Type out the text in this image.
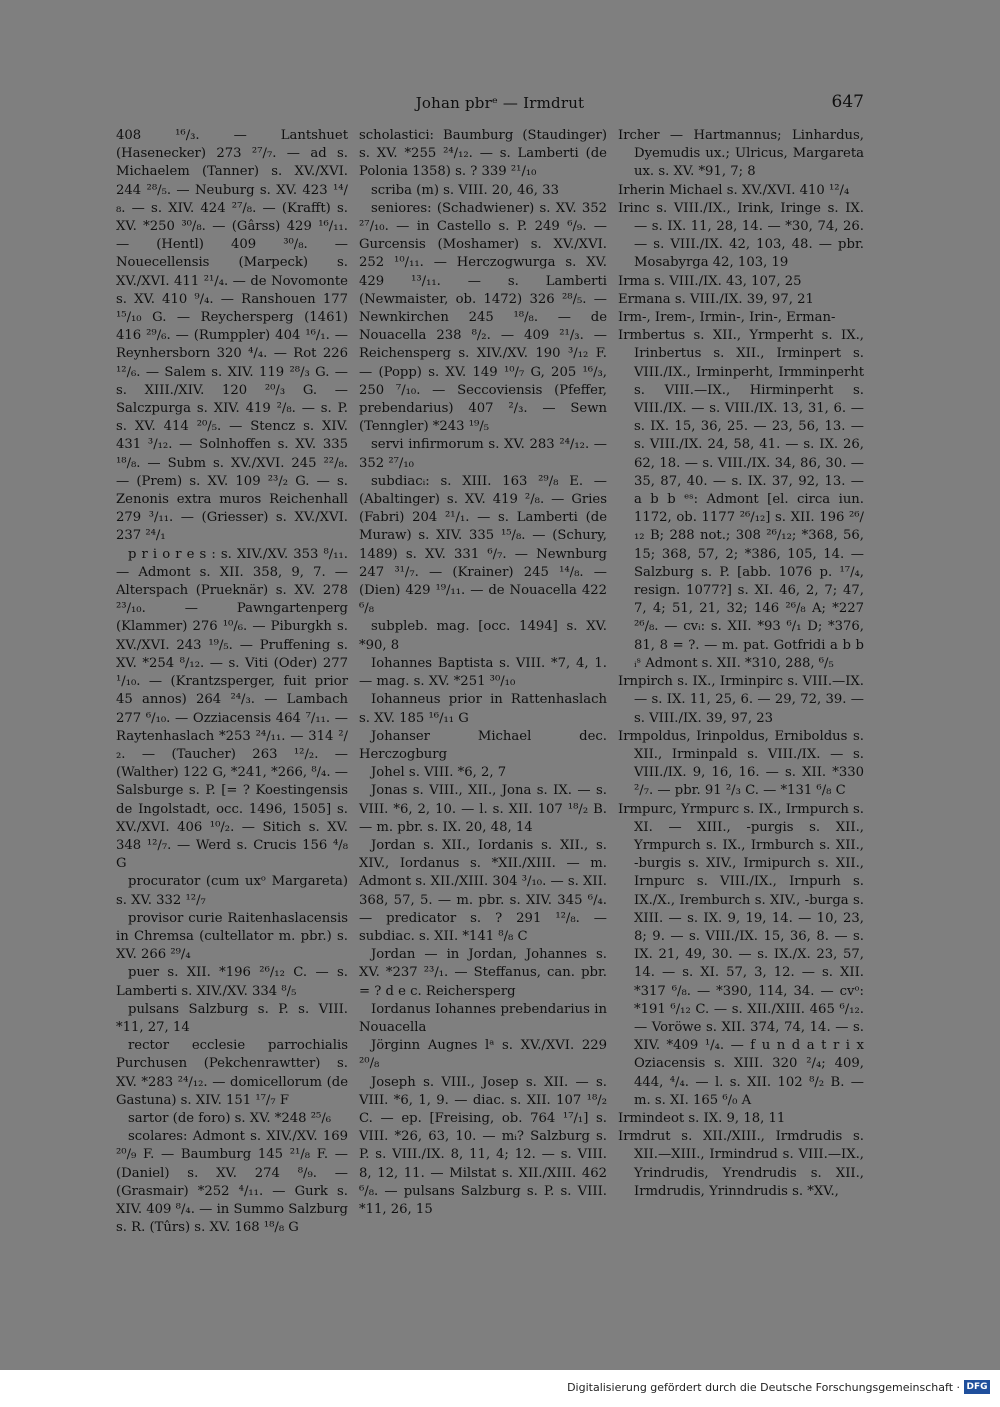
Johan pbrᵉ — Irmdrut	647

408 ¹⁶/₃. — Lantshuet (Hasenecker) 273 ²⁷/₇. — ad s. Michaelem (Tanner) s. XV./XVI. 244 ²⁸/₅. — Neuburg s. XV. 423 ¹⁴/₈. — s. XIV. 424 ²⁷/₈. — (Krafft) s. XV. *250 ³⁰/₈. — (Gârss) 429 ¹⁶/₁₁. — (Hentl) 409 ³⁰/₈. — Nouecellensis (Marpeck) s. XV./XVI. 411 ²¹/₄. — de Novomonte s. XV. 410 ⁹/₄. — Ranshouen 177 ¹⁵/₁₀ G. — Reychersperg (1461) 416 ²⁹/₆. — (Rumppler) 404 ¹⁶/₁. — Reynhersborn 320 ⁴/₄. — Rot 226 ¹²/₆. — Salem s. XIV. 119 ²⁸/₃ G. — s. XIII./XIV. 120 ²⁰/₃ G. — Salczpurga s. XIV. 419 ²/₈. — s. P. s. XV. 414 ²⁰/₅. — Stencz s. XIV. 431 ³/₁₂. — Solnhoffen s. XV. 335 ¹⁸/₈. — Subm s. XV./XVI. 245 ²²/₈. — (Prem) s. XV. 109 ²³/₂ G. — s. Zenonis extra muros Reichenhall 279 ³/₁₁. — (Griesser) s. XV./XVI. 237 ²⁴/₁

p r i o r e s : s. XIV./XV. 353 ⁸/₁₁. — Admont s. XII. 358, 9, 7. — Alterspach (Prueknär) s. XV. 278 ²³/₁₀. — Pawngartenperg (Klammer) 276 ¹⁰/₆. — Piburgkh s. XV./XVI. 243 ¹⁹/₅. — Pruffening s. XV. *254 ⁸/₁₂. — s. Viti (Oder) 277 ¹/₁₀. — (Krantzsperger, fuit prior 45 annos) 264 ²⁴/₃. — Lambach 277 ⁶/₁₀. — Ozziacensis 464 ⁷/₁₁. — Raytenhaslach *253 ²⁴/₁₁. — 314 ²/₂. — (Taucher) 263 ¹²/₂. — (Walther) 122 G, *241, *266, ⁸/₄. — Salsburge s. P. [= ? Koestingensis de Ingolstadt, occ. 1496, 1505] s. XV./XVI. 406 ¹⁰/₂. — Sitich s. XV. 348 ¹²/₇. — Werd s. Crucis 156 ⁴/₈ G

procurator (cum uxᵒ Margareta) s. XV. 332 ¹²/₇

provisor curie Raitenhaslacensis in Chremsa (cultellator m. pbr.) s. XV. 266 ²⁹/₄

puer s. XII. *196 ²⁶/₁₂ C. — s. Lamberti s. XIV./XV. 334 ⁸/₅

pulsans Salzburg s. P. s. VIII. *11, 27, 14

rector ecclesie parrochialis Purchusen (Pekchenrawtter) s. XV. *283 ²⁴/₁₂. — domicellorum (de Gastuna) s. XIV. 151 ¹⁷/₇ F

sartor (de foro) s. XV. *248 ²⁵/₆

scolares: Admont s. XIV./XV. 169 ²⁰/₉ F. — Baumburg 145 ²¹/₈ F. — (Daniel) s. XV. 274 ⁸/₉. — (Grasmair) *252 ⁴/₁₁. — Gurk s. XIV. 409 ⁸/₄. — in Summo Salzburg s. R. (Tûrs) s. XV. 168 ¹⁸/₈ G

scholastici: Baumburg (Staudinger) s. XV. *255 ²⁴/₁₂. — s. Lamberti (de Polonia 1358) s. ? 339 ²¹/₁₀

scriba (m) s. VIII. 20, 46, 33

seniores: (Schadwiener) s. XV. 352 ²⁷/₁₀. — in Castello s. P. 249 ⁶/₉. — Gurcensis (Moshamer) s. XV./XVI. 252 ¹⁰/₁₁. — Herczogwurga s. XV. 429 ¹³/₁₁. — s. Lamberti (Newmaister, ob. 1472) 326 ²⁸/₅. — Newnkirchen 245 ¹⁸/₈. — de Nouacella 238 ⁸/₂. — 409 ²¹/₃. — Reichensperg s. XIV./XV. 190 ³/₁₂ F. — (Popp) s. XV. 149 ¹⁰/₇ G, 205 ¹⁶/₃, 250 ⁷/₁₀. — Seccoviensis (Pfeffer, prebendarius) 407 ²/₃. — Sewn (Tenngler) *243 ¹⁹/₅

servi infirmorum s. XV. 283 ²⁴/₁₂. — 352 ²⁷/₁₀

subdiacᵢ: s. XIII. 163 ²⁹/₈ E. — (Abaltinger) s. XV. 419 ²/₈. — Gries (Fabri) 204 ²¹/₁. — s. Lamberti (de Muraw) s. XIV. 335 ¹⁵/₈. — (Schury, 1489) s. XV. 331 ⁶/₇. — Newnburg 247 ³¹/₇. — (Krainer) 245 ¹⁴/₈. — (Dien) 429 ¹⁹/₁₁. — de Nouacella 422 ⁶/₈

subpleb. mag. [occ. 1494] s. XV. *90, 8

Iohannes Baptista s. VIII. *7, 4, 1. — mag. s. XV. *251 ³⁰/₁₀

Iohanneus prior in Rattenhaslach s. XV. 185 ¹⁶/₁₁ G

Johanser Michael dec. Herczogburg

Johel s. VIII. *6, 2, 7

Jonas s. VIII., XII., Jona s. IX. — s. VIII. *6, 2, 10. — l. s. XII. 107 ¹⁸/₂ B. — m. pbr. s. IX. 20, 48, 14

Jordan s. XII., Iordanis s. XII., s. XIV., Iordanus s. *XII./XIII. — m. Admont s. XII./XIII. 304 ³/₁₀. — s. XII. 368, 57, 5. — m. pbr. s. XIV. 345 ⁶/₄. — predicator s. ? 291 ¹²/₈. — subdiac. s. XII. *141 ⁸/₈ C

Jordan — in Jordan, Johannes s. XV. *237 ²³/₁. — Steffanus, can. pbr. = ? d e c. Reichersperg

Iordanus Iohannes prebendarius in Nouacella

Jörginn Augnes lᵃ s. XV./XVI. 229 ²⁰/₈

Joseph s. VIII., Josep s. XII. — s. VIII. *6, 1, 9. — diac. s. XII. 107 ¹⁸/₂ C. — ep. [Freising, ob. 764 ¹⁷/₁] s. VIII. *26, 63, 10. — mᵢ? Salzburg s. P. s. VIII./IX. 8, 11, 4; 12. — s. VIII. 8, 12, 11. — Milstat s. XII./XIII. 462 ⁶/₈. — pulsans Salzburg s. P. s. VIII. *11, 26, 15

Ircher — Hartmannus; Linhardus, Dyemudis ux.; Ulricus, Margareta ux. s. XV. *91, 7; 8

Irherin Michael s. XV./XVI. 410 ¹²/₄

Irinc s. VIII./IX., Irink, Iringe s. IX. — s. IX. 11, 28, 14. — *30, 74, 26. — s. VIII./IX. 42, 103, 48. — pbr. Mosabyrga 42, 103, 19

Irma s. VIII./IX. 43, 107, 25

Ermana s. VIII./IX. 39, 97, 21

Irm-, Irem-, Irmin-, Irin-, Erman-

Irmbertus s. XII., Yrmperht s. IX., Irinbertus s. XII., Irminpert s. VIII./IX., Irminperht, Irmminperht s. VIII.—IX., Hirminperht s. VIII./IX. — s. VIII./IX. 13, 31, 6. — s. IX. 15, 36, 25. — 23, 56, 13. — s. VIII./IX. 24, 58, 41. — s. IX. 26, 62, 18. — s. VIII./IX. 34, 86, 30. — 35, 87, 40. — s. IX. 37, 92, 13. — a b b ᵉˢ: Admont [el. circa iun. 1172, ob. 1177 ²⁶/₁₂] s. XII. 196 ²⁶/₁₂ B; 288 not.; 308 ²⁶/₁₂; *368, 56, 15; 368, 57, 2; *386, 105, 14. — Salzburg s. P. [abb. 1076 p. ¹⁷/₄, resign. 1077?] s. XI. 46, 2, 7; 47, 7, 4; 51, 21, 32; 146 ²⁶/₈ A; *227 ²⁶/₈. — cvᵢ: s. XII. *93 ⁶/₁ D; *376, 81, 8 = ?. — m. pat. Gotfridi a b b ᵢˢ Admont s. XII. *310, 288, ⁶/₅

Irnpirch s. IX., Irminpirc s. VIII.—IX. — s. IX. 11, 25, 6. — 29, 72, 39. — s. VIII./IX. 39, 97, 23

Irmpoldus, Irinpoldus, Erniboldus s. XII., Irminpald s. VIII./IX. — s. VIII./IX. 9, 16, 16. — s. XII. *330 ²/₇. — pbr. 91 ²/₃ C. — *131 ⁶/₈ C

Irmpurc, Yrmpurc s. IX., Irmpurch s. XI. — XIII., -purgis s. XII., Yrmpurch s. IX., Irmburch s. XII., -burgis s. XIV., Irmipurch s. XII., Irnpurc s. VIII./IX., Irnpurh s. IX./X., Iremburch s. XIV., -burga s. XIII. — s. IX. 9, 19, 14. — 10, 23, 8; 9. — s. VIII./IX. 15, 36, 8. — s. IX. 21, 49, 30. — s. IX./X. 23, 57, 14. — s. XI. 57, 3, 12. — s. XII. *317 ⁶/₈. — *390, 114, 34. — cvᵒ: *191 ⁶/₁₂ C. — s. XII./XIII. 465 ⁶/₁₂. — Voröwe s. XII. 374, 74, 14. — s. XIV. *409 ¹/₄. — f u n d a t r i x Oziacensis s. XIII. 320 ²/₄; 409, 444, ⁴/₄. — l. s. XII. 102 ⁸/₂ B. — m. s. XI. 165 ⁶/₀ A

Irmindeot s. IX. 9, 18, 11

Irmdrut s. XII./XIII., Irmdrudis s. XII.—XIII., Irmindrud s. VIII.—IX., Yrindrudis, Yrendrudis s. XII., Irmdrudis, Yrinndrudis s. *XV.,

Digitalisierung gefördert durch die Deutsche Forschungsgemeinschaft · DFG
